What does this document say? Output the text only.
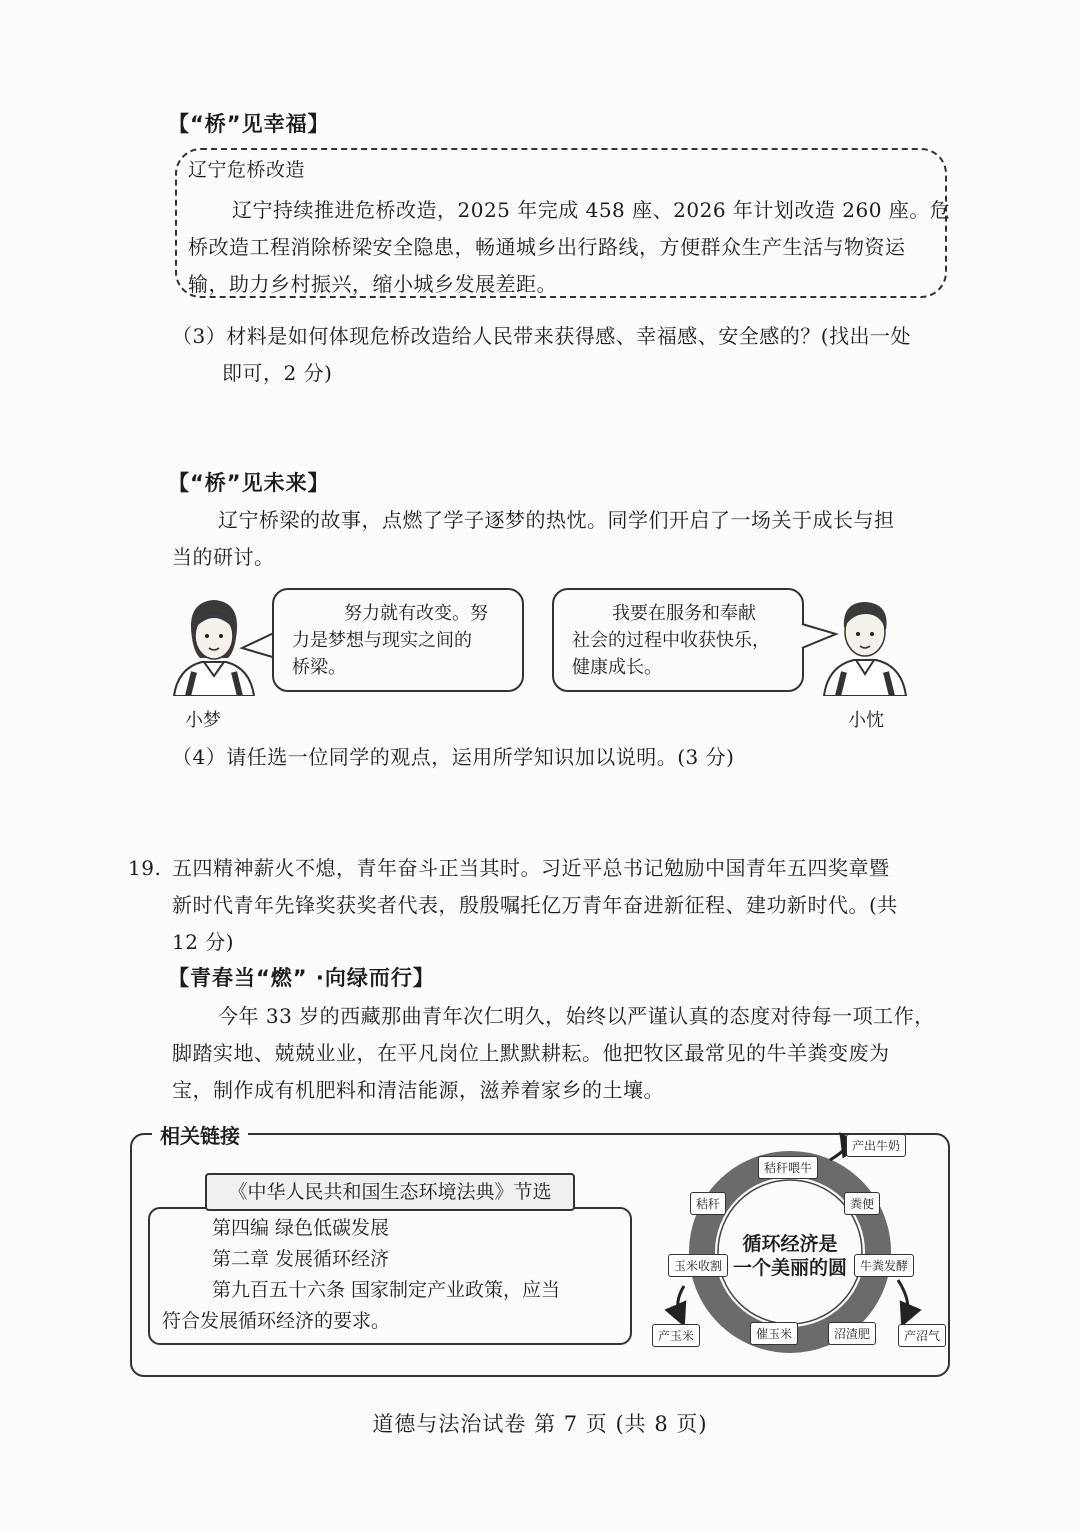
【“桥”见幸福】
辽宁危桥改造
辽宁持续推进危桥改造，2025 年完成 458 座、2026 年计划改造 260 座。危
桥改造工程消除桥梁安全隐患，畅通城乡出行路线，方便群众生产生活与物资运
输，助力乡村振兴，缩小城乡发展差距。
（3）材料是如何体现危桥改造给人民带来获得感、幸福感、安全感的？(找出一处
即可，2 分)
【“桥”见未来】
辽宁桥梁的故事，点燃了学子逐梦的热忱。同学们开启了一场关于成长与担
当的研讨。
小梦
努力就有改变。努
力是梦想与现实之间的
桥梁。
我要在服务和奉献
社会的过程中收获快乐，
健康成长。
小忱
（4）请任选一位同学的观点，运用所学知识加以说明。(3 分)
19. 五四精神薪火不熄，青年奋斗正当其时。习近平总书记勉励中国青年五四奖章暨
新时代青年先锋奖获奖者代表，殷殷嘱托亿万青年奋进新征程、建功新时代。(共
12 分)
【青春当“燃” ·向绿而行】
今年 33 岁的西藏那曲青年次仁明久，始终以严谨认真的态度对待每一项工作，
脚踏实地、兢兢业业，在平凡岗位上默默耕耘。他把牧区最常见的牛羊粪变废为
宝，制作成有机肥料和清洁能源，滋养着家乡的土壤。
相关链接
第四编 绿色低碳发展
第二章 发展循环经济
第九百五十六条 国家制定产业政策，应当
符合发展循环经济的要求。
《中华人民共和国生态环境法典》节选
循环经济是
一个美丽的圆
秸秆喂牛
粪便
牛粪发酵
沼渣肥
催玉米
玉米收割
秸秆
产出牛奶
产沼气
产玉米
道德与法治试卷 第 7 页 (共 8 页)
